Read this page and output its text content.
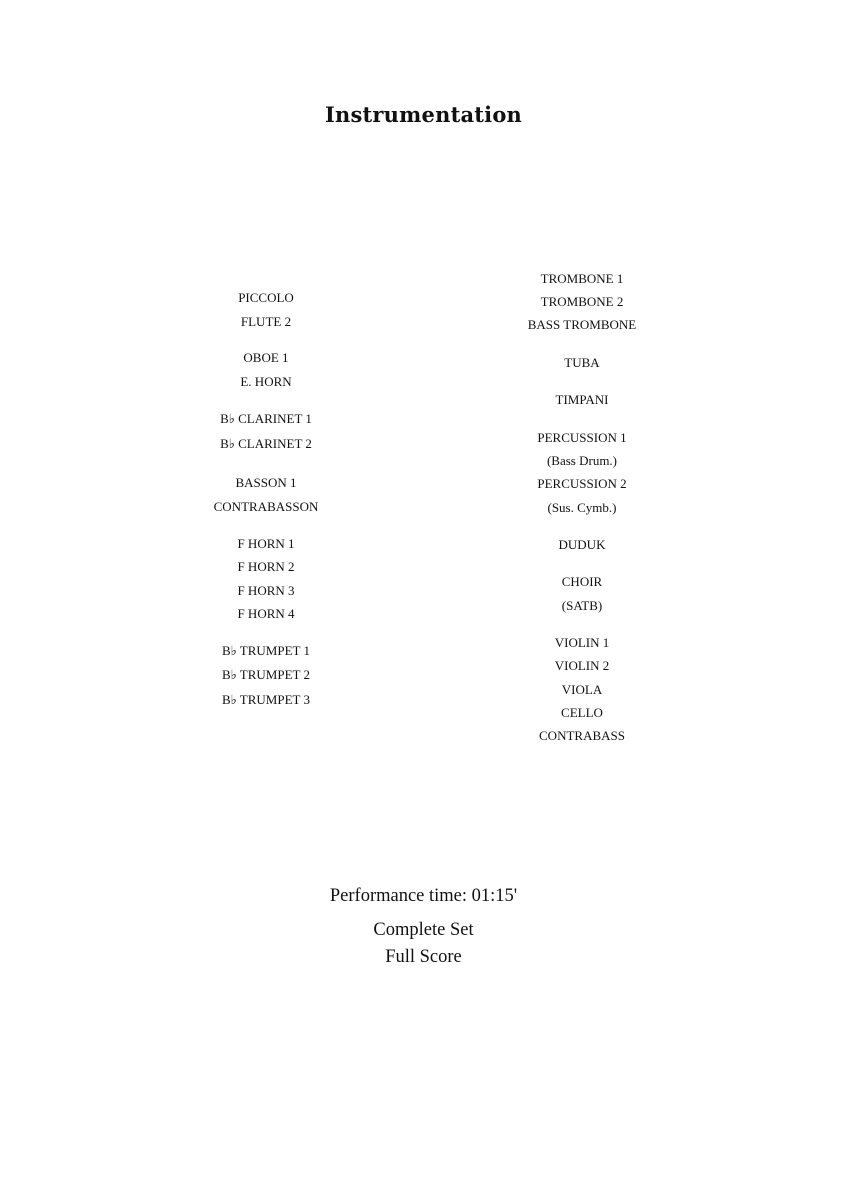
Instrumentation
PICCOLO
FLUTE 2
OBOE 1
E. HORN
B♭ CLARINET 1
B♭ CLARINET 2
BASSON 1
CONTRABASSON
F HORN 1
F HORN 2
F HORN 3
F HORN 4
B♭ TRUMPET 1
B♭ TRUMPET 2
B♭ TRUMPET 3
TROMBONE 1
TROMBONE 2
BASS TROMBONE
TUBA
TIMPANI
PERCUSSION 1
(Bass Drum.)
PERCUSSION 2
(Sus. Cymb.)
DUDUK
CHOIR
(SATB)
VIOLIN 1
VIOLIN 2
VIOLA
CELLO
CONTRABASS
Performance time: 01:15'
Complete Set
Full Score
